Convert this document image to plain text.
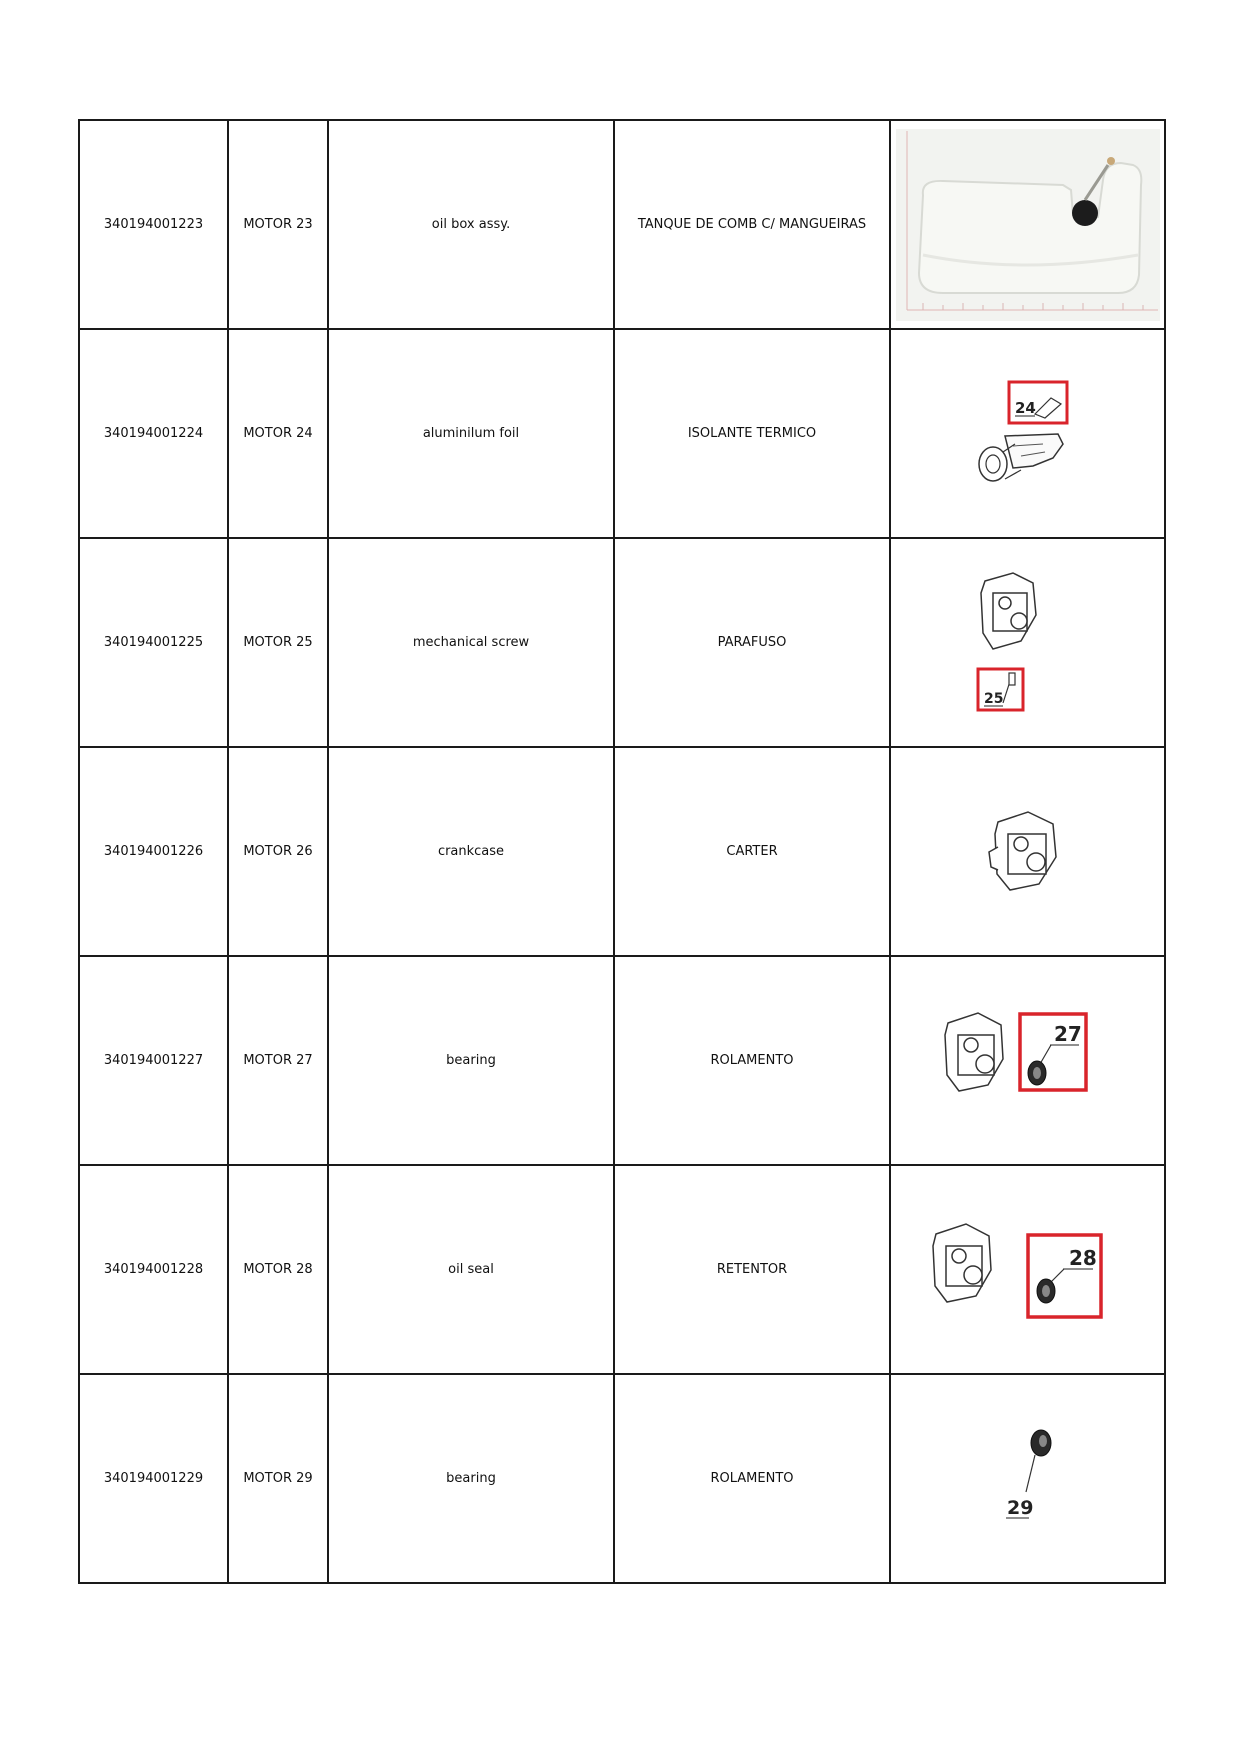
340194001223	MOTOR 23	oil box assy.	TANQUE DE COMB C/ MANGUEIRAS	

340194001224	MOTOR 24	aluminilum foil	ISOLANTE TERMICO	24

340194001225	MOTOR 25	mechanical screw	PARAFUSO	25

340194001226	MOTOR 26	crankcase	CARTER	

340194001227	MOTOR 27	bearing	ROLAMENTO	27

340194001228	MOTOR 28	oil seal	RETENTOR	28

340194001229	MOTOR 29	bearing	ROLAMENTO	29
